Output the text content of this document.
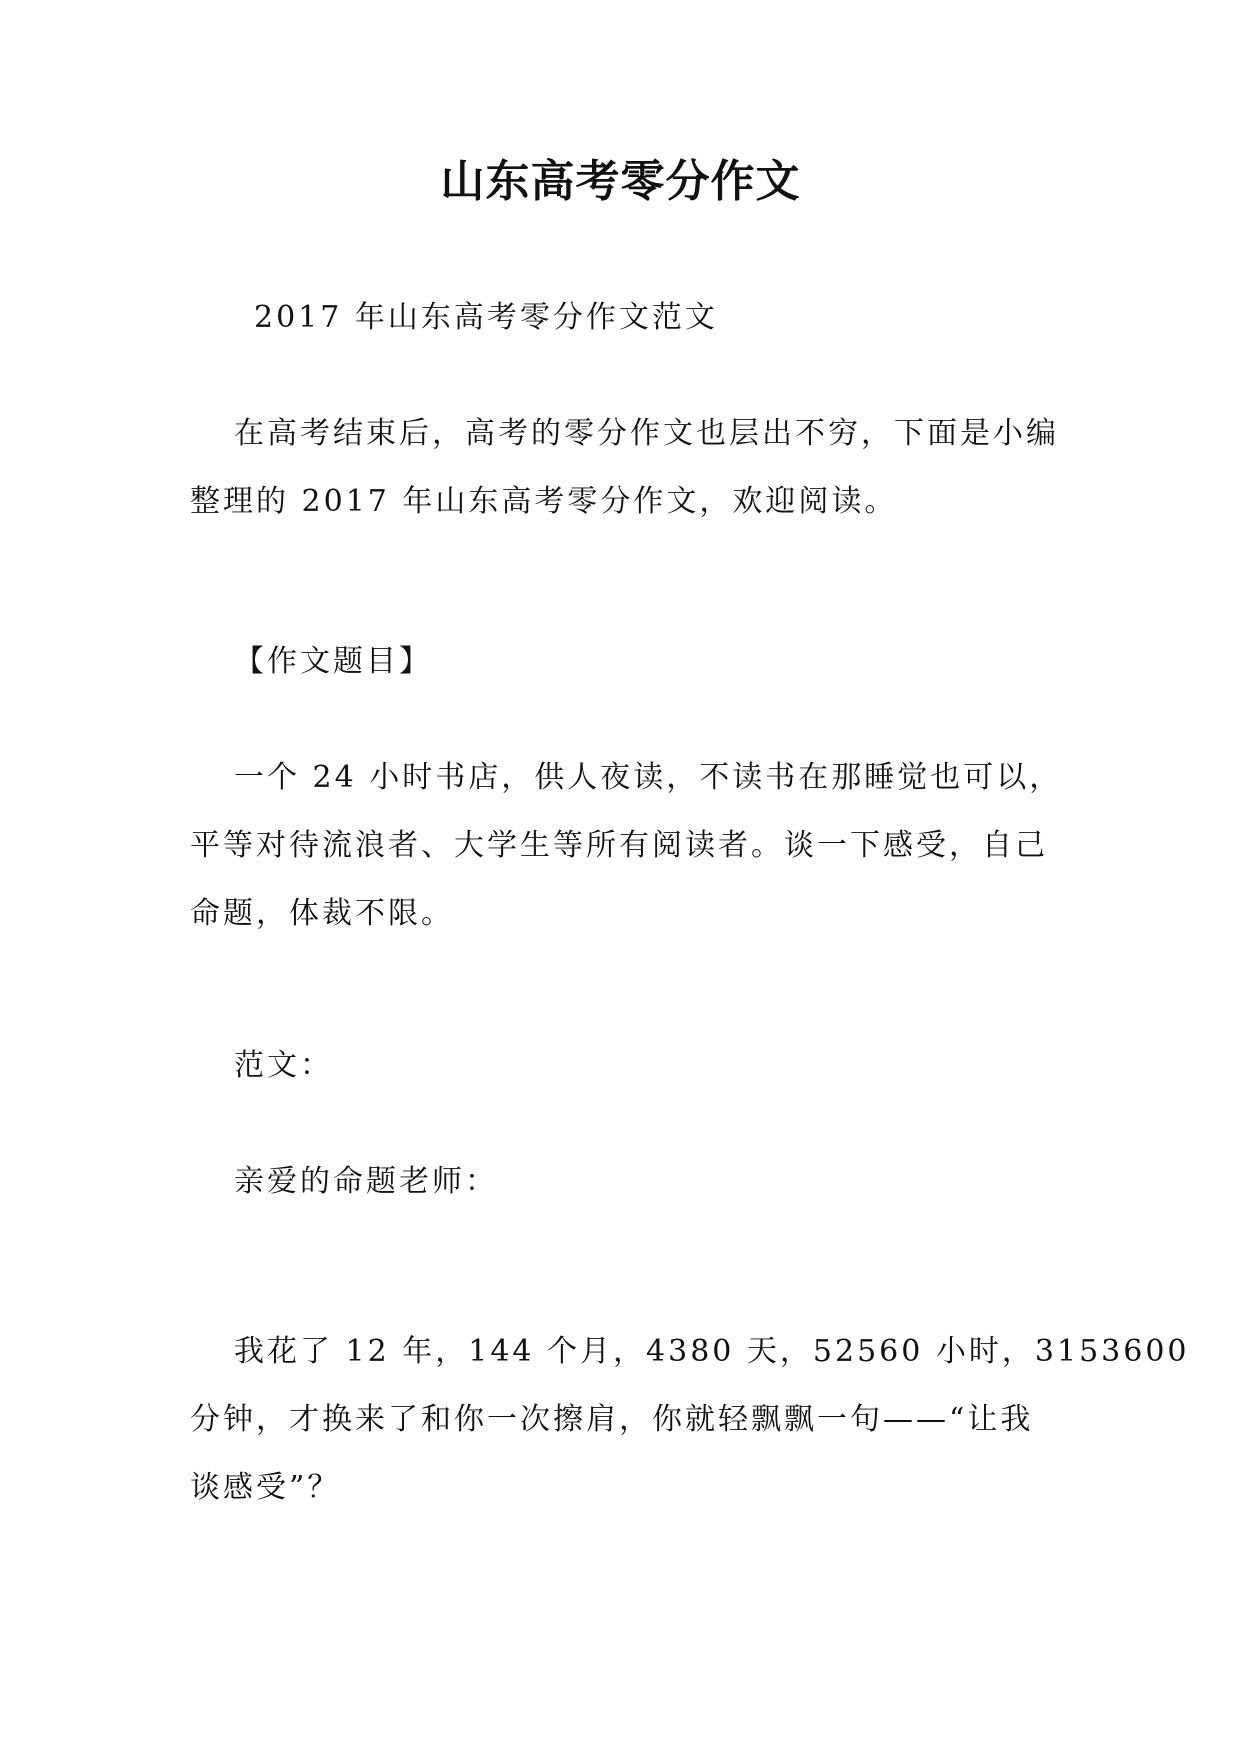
山东高考零分作文

2017 年山东高考零分作文范文

在高考结束后，高考的零分作文也层出不穷，下面是小编
整理的 2017 年山东高考零分作文，欢迎阅读。

【作文题目】

一个 24 小时书店，供人夜读，不读书在那睡觉也可以，
平等对待流浪者、大学生等所有阅读者。谈一下感受，自己
命题，体裁不限。

范文：

亲爱的命题老师：

我花了 12 年，144 个月，4380 天，52560 小时，3153600
分钟，才换来了和你一次擦肩，你就轻飘飘一句——“让我
谈感受”？
